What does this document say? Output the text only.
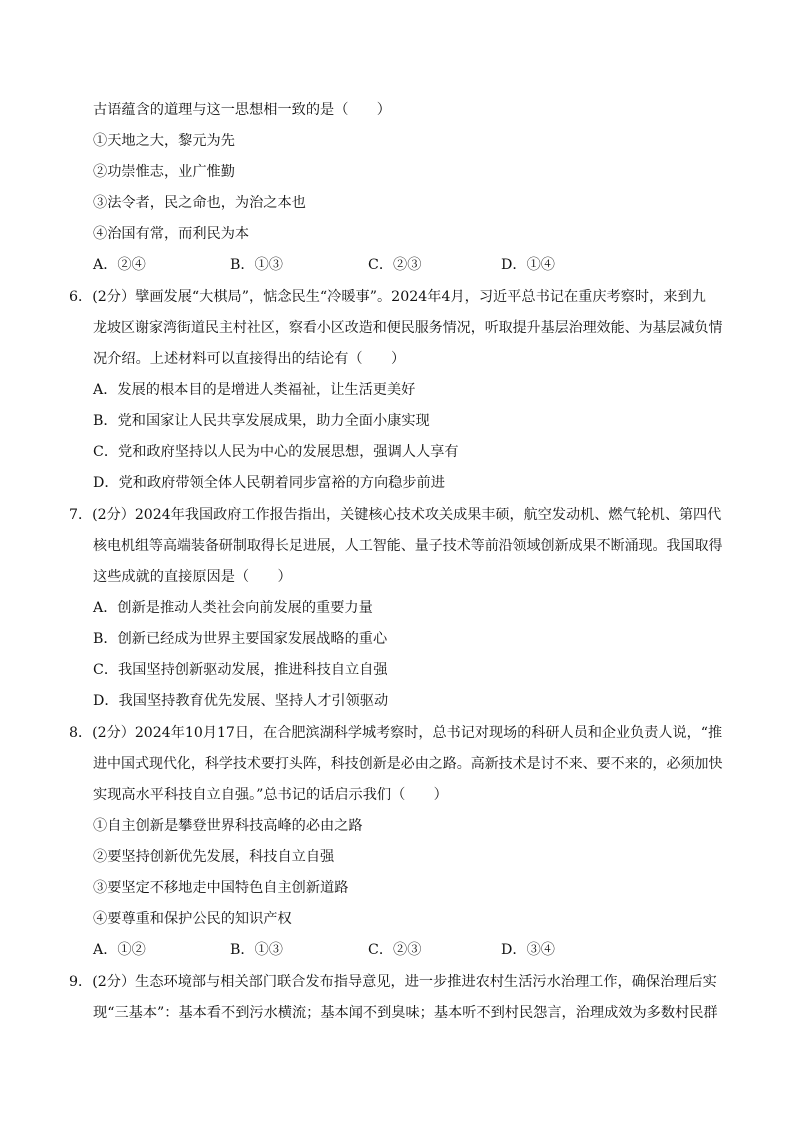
古语蕴含的道理与这一思想相一致的是（　　）
①天地之大，黎元为先
②功崇惟志，业广惟勤
③法令者，民之命也，为治之本也
④治国有常，而利民为本
A．②④	B．①③	C．②③	D．①④
6．(2分）擘画发展“大棋局”，惦念民生“冷暖事”。2024年4月，习近平总书记在重庆考察时，来到九
龙坡区谢家湾街道民主村社区，察看小区改造和便民服务情况，听取提升基层治理效能、为基层减负情
况介绍。上述材料可以直接得出的结论有（　　）
A．发展的根本目的是增进人类福祉，让生活更美好
B．党和国家让人民共享发展成果，助力全面小康实现
C．党和政府坚持以人民为中心的发展思想，强调人人享有
D．党和政府带领全体人民朝着同步富裕的方向稳步前进
7．(2分）2024年我国政府工作报告指出，关键核心技术攻关成果丰硕，航空发动机、燃气轮机、第四代
核电机组等高端装备研制取得长足进展，人工智能、量子技术等前沿领域创新成果不断涌现。我国取得
这些成就的直接原因是（　　）
A．创新是推动人类社会向前发展的重要力量
B．创新已经成为世界主要国家发展战略的重心
C．我国坚持创新驱动发展，推进科技自立自强
D．我国坚持教育优先发展、坚持人才引领驱动
8．(2分）2024年10月17日，在合肥滨湖科学城考察时，总书记对现场的科研人员和企业负责人说，“推
进中国式现代化，科学技术要打头阵，科技创新是必由之路。高新技术是讨不来、要不来的，必须加快
实现高水平科技自立自强。”总书记的话启示我们（　　）
①自主创新是攀登世界科技高峰的必由之路
②要坚持创新优先发展，科技自立自强
③要坚定不移地走中国特色自主创新道路
④要尊重和保护公民的知识产权
A．①②	B．①③	C．②③	D．③④
9．(2分）生态环境部与相关部门联合发布指导意见，进一步推进农村生活污水治理工作，确保治理后实
现“三基本”：基本看不到污水横流；基本闻不到臭味；基本听不到村民怨言，治理成效为多数村民群
